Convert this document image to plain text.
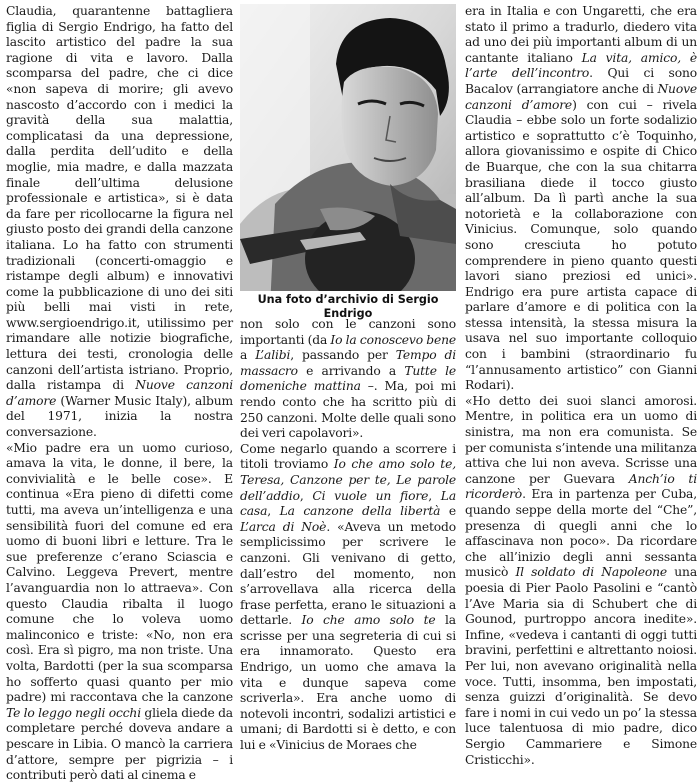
Claudia, quarantenne battagliera figlia di Sergio Endrigo, ha fatto del lascito artistico del padre la sua ragione di vita e lavoro. Dalla scomparsa del padre, che ci dice «non sapeva di morire; gli avevo nascosto d’accordo con i medici la gravità della sua malattia, complicatasi da una depressione, dalla perdita dell’udito e della moglie, mia madre, e dalla mazzata finale dell’ultima delusione professionale e artistica», si è data da fare per ricollocarne la figura nel giusto posto dei grandi della canzone italiana. Lo ha fatto con strumenti tradizionali (concerti-omaggio e ristampe degli album) e innovativi come la pubblicazione di uno dei siti più belli mai visti in rete, www.sergioendrigo.it, utilissimo per rimandare alle notizie biografiche, lettura dei testi, cronologia delle canzoni dell’artista istriano. Proprio, dalla ristampa di Nuove canzoni d’amore (Warner Music Italy), album del 1971, inizia la nostra conversazione.

«Mio padre era un uomo curioso, amava la vita, le donne, il bere, la convivialità e le belle cose». E continua «Era pieno di difetti come tutti, ma aveva un’intelligenza e una sensibilità fuori del comune ed era uomo di buoni libri e letture. Tra le sue preferenze c’erano Sciascia e Calvino. Leggeva Prevert, mentre l’avanguardia non lo attraeva». Con questo Claudia ribalta il luogo comune che lo voleva uomo malinconico e triste: «No, non era così. Era sì pigro, ma non triste. Una volta, Bardotti (per la sua scomparsa ho sofferto quasi quanto per mio padre) mi raccontava che la canzone Te lo leggo negli occhi gliela diede da completare perché doveva andare a pescare in Libia. O mancò la carriera d’attore, sempre per pigrizia – i contributi però dati al cinema e

Una foto d’archivio di Sergio Endrigo

non solo con le canzoni sono importanti (da Io la conoscevo bene a L’alibi, passando per Tempo di massacro e arrivando a Tutte le domeniche mattina –. Ma, poi mi rendo conto che ha scritto più di 250 canzoni. Molte delle quali sono dei veri capolavori».

Come negarlo quando a scorrere i titoli troviamo Io che amo solo te, Teresa, Canzone per te, Le parole dell’addio, Ci vuole un fiore, La casa, La canzone della libertà e L’arca di Noè. «Aveva un metodo semplicissimo per scrivere le canzoni. Gli venivano di getto, dall’estro del momento, non s’arrovellava alla ricerca della frase perfetta, erano le situazioni a dettarle. Io che amo solo te la scrisse per una segreteria di cui si era innamorato. Questo era Endrigo, un uomo che amava la vita e dunque sapeva come scriverla». Era anche uomo di notevoli incontri, sodalizi artistici e umani; di Bardotti si è detto, e con lui e «Vinicius de Moraes che

era in Italia e con Ungaretti, che era stato il primo a tradurlo, diedero vita ad uno dei più importanti album di un cantante italiano La vita, amico, è l’arte dell’incontro. Qui ci sono Bacalov (arrangiatore anche di Nuove canzoni d’amore) con cui – rivela Claudia – ebbe solo un forte sodalizio artistico e soprattutto c’è Toquinho, allora giovanissimo e ospite di Chico de Buarque, che con la sua chitarra brasiliana diede il tocco giusto all’album. Da lì partì anche la sua notorietà e la collaborazione con Vinicius. Comunque, solo quando sono cresciuta ho potuto comprendere in pieno quanto questi lavori siano preziosi ed unici». Endrigo era pure artista capace di parlare d’amore e di politica con la stessa intensità, la stessa misura la usava nel suo importante colloquio con i bambini (straordinario fu “l’annusamento artistico” con Gianni Rodari).

«Ho detto dei suoi slanci amorosi. Mentre, in politica era un uomo di sinistra, ma non era comunista. Se per comunista s’intende una militanza attiva che lui non aveva. Scrisse una canzone per Guevara Anch’io ti ricorderò. Era in partenza per Cuba, quando seppe della morte del “Che”, presenza di quegli anni che lo affascinava non poco». Da ricordare che all’inizio degli anni sessanta musicò Il soldato di Napoleone una poesia di Pier Paolo Pasolini e “cantò l’Ave Maria sia di Schubert che di Gounod, purtroppo ancora inedite». Infine, «vedeva i cantanti di oggi tutti bravini, perfettini e altrettanto noiosi. Per lui, non avevano originalità nella voce. Tutti, insomma, ben impostati, senza guizzi d’originalità. Se devo fare i nomi in cui vedo un po’ la stessa luce talentuosa di mio padre, dico Sergio Cammariere e Simone Cristicchi».
